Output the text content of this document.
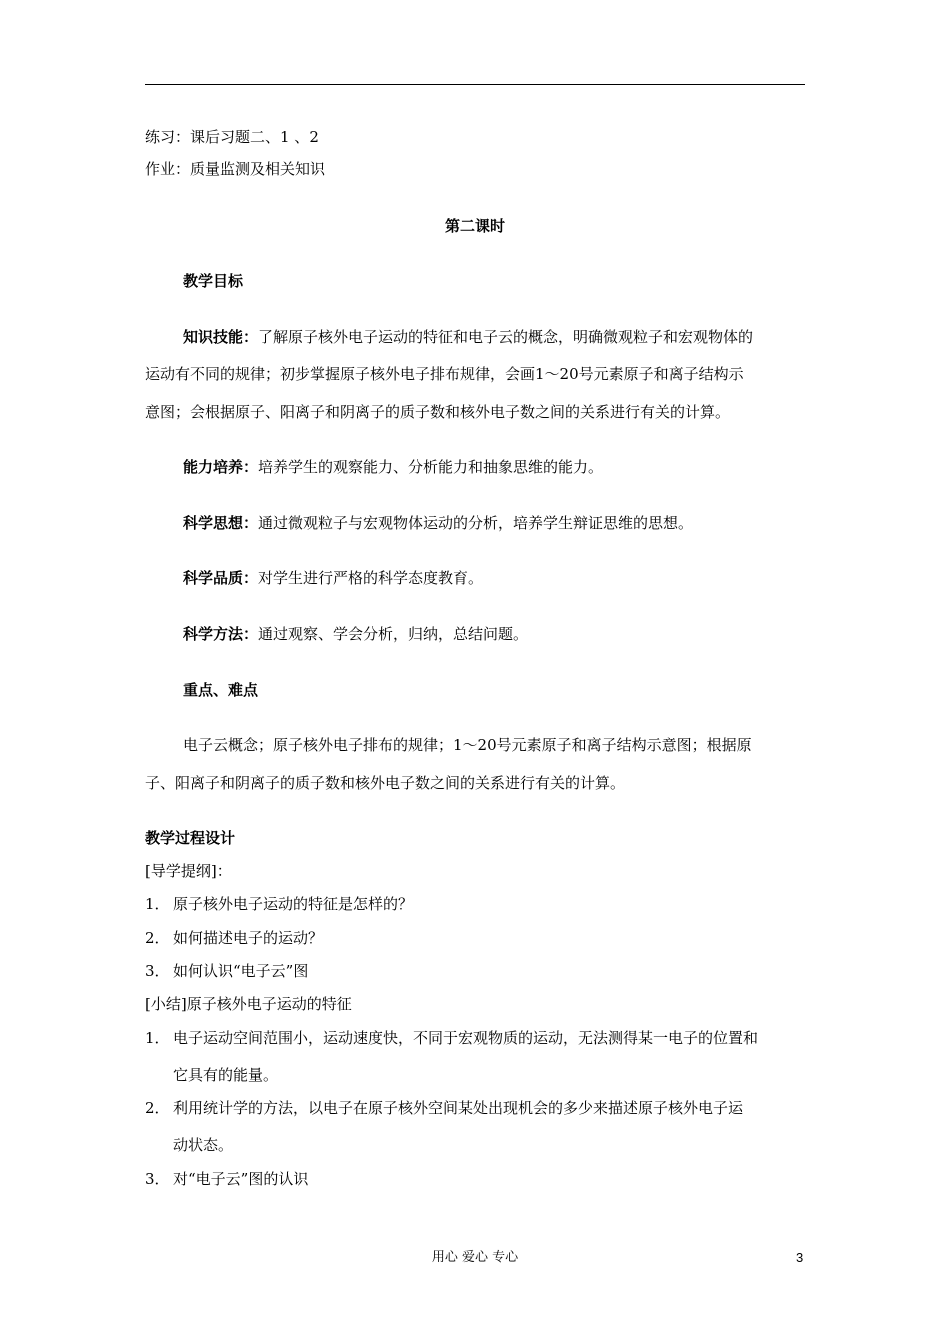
练习：课后习题二、1 、2
作业：质量监测及相关知识
第二课时
教学目标
知识技能：了解原子核外电子运动的特征和电子云的概念，明确微观粒子和宏观物体的
运动有不同的规律；初步掌握原子核外电子排布规律，会画1～20号元素原子和离子结构示
意图；会根据原子、阳离子和阴离子的质子数和核外电子数之间的关系进行有关的计算。
能力培养：培养学生的观察能力、分析能力和抽象思维的能力。
科学思想：通过微观粒子与宏观物体运动的分析，培养学生辩证思维的思想。
科学品质：对学生进行严格的科学态度教育。
科学方法：通过观察、学会分析，归纳，总结问题。
重点、难点
电子云概念；原子核外电子排布的规律；1～20号元素原子和离子结构示意图；根据原
子、阳离子和阴离子的质子数和核外电子数之间的关系进行有关的计算。
教学过程设计
[导学提纲]：
1． 原子核外电子运动的特征是怎样的？
2． 如何描述电子的运动？
3． 如何认识“电子云”图
[小结]原子核外电子运动的特征
1． 电子运动空间范围小，运动速度快，不同于宏观物质的运动，无法测得某一电子的位置和
它具有的能量。
2． 利用统计学的方法，以电子在原子核外空间某处出现机会的多少来描述原子核外电子运
动状态。
3． 对“电子云”图的认识
用心 爱心 专心	3
